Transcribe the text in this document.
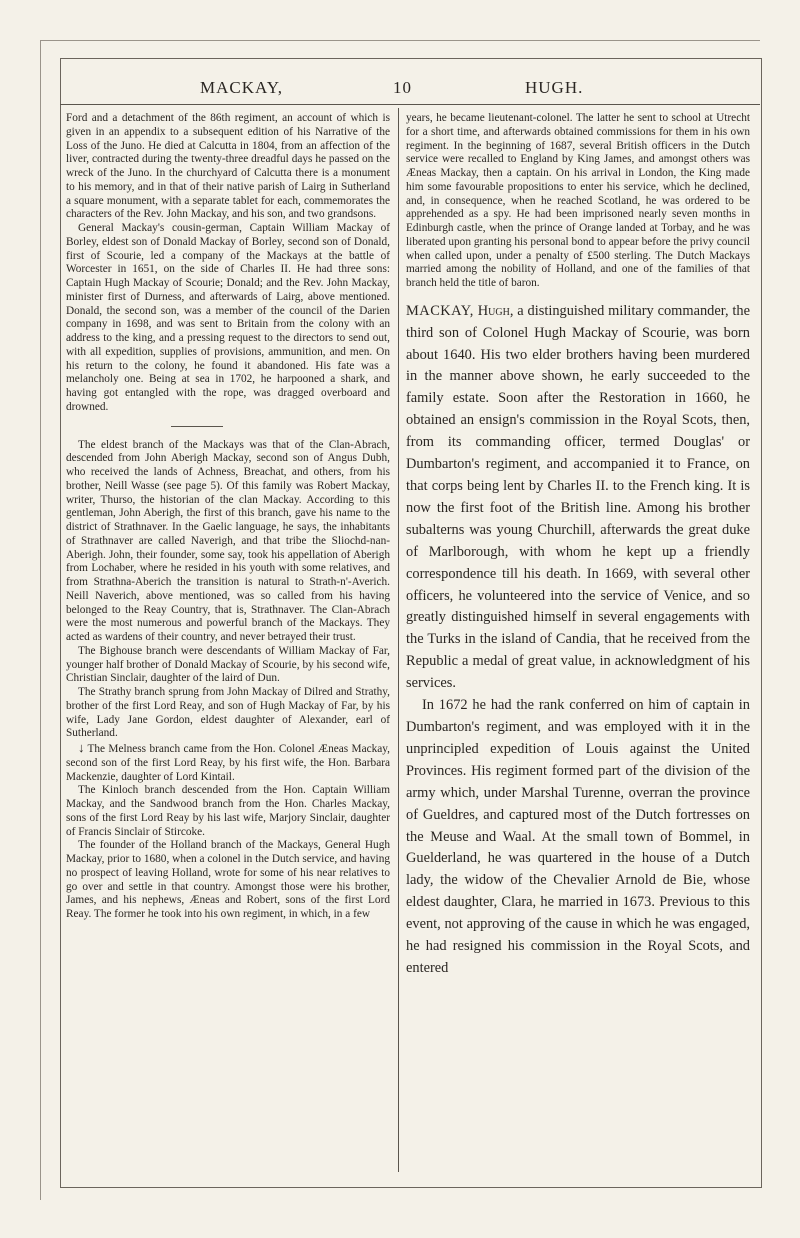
MACKAY,	10	HUGH.

Ford and a detachment of the 86th regiment, an account of which is given in an appendix to a subsequent edition of his Narrative of the Loss of the Juno. He died at Calcutta in 1804, from an affection of the liver, contracted during the twenty-three dreadful days he passed on the wreck of the Juno. In the churchyard of Calcutta there is a monument to his memory, and in that of their native parish of Lairg in Sutherland a square monument, with a separate tablet for each, commemorates the characters of the Rev. John Mackay, and his son, and two grandsons.

General Mackay's cousin-german, Captain William Mackay of Borley, eldest son of Donald Mackay of Borley, second son of Donald, first of Scourie, led a company of the Mackays at the battle of Worcester in 1651, on the side of Charles II. He had three sons: Captain Hugh Mackay of Scourie; Donald; and the Rev. John Mackay, minister first of Durness, and afterwards of Lairg, above mentioned. Donald, the second son, was a member of the council of the Darien company in 1698, and was sent to Britain from the colony with an address to the king, and a pressing request to the directors to send out, with all expedition, supplies of provisions, ammunition, and men. On his return to the colony, he found it abandoned. His fate was a melancholy one. Being at sea in 1702, he harpooned a shark, and having got entangled with the rope, was dragged overboard and drowned.

The eldest branch of the Mackays was that of the Clan-Abrach, descended from John Aberigh Mackay, second son of Angus Dubh, who received the lands of Achness, Breachat, and others, from his brother, Neill Wasse (see page 5). Of this family was Robert Mackay, writer, Thurso, the historian of the clan Mackay. According to this gentleman, John Aberigh, the first of this branch, gave his name to the district of Strathnaver. In the Gaelic language, he says, the inhabitants of Strathnaver are called Naverigh, and that tribe the Sliochd-nan-Aberigh. John, their founder, some say, took his appellation of Aberigh from Lochaber, where he resided in his youth with some relatives, and from Strathna-Aberich the transition is natural to Strath-n'-Averich. Neill Naverich, above mentioned, was so called from his having belonged to the Reay Country, that is, Strathnaver. The Clan-Abrach were the most numerous and powerful branch of the Mackays. They acted as wardens of their country, and never betrayed their trust.

The Bighouse branch were descendants of William Mackay of Far, younger half brother of Donald Mackay of Scourie, by his second wife, Christian Sinclair, daughter of the laird of Dun.

The Strathy branch sprung from John Mackay of Dilred and Strathy, brother of the first Lord Reay, and son of Hugh Mackay of Far, by his wife, Lady Jane Gordon, eldest daughter of Alexander, earl of Sutherland.

↓ The Melness branch came from the Hon. Colonel Æneas Mackay, second son of the first Lord Reay, by his first wife, the Hon. Barbara Mackenzie, daughter of Lord Kintail.

The Kinloch branch descended from the Hon. Captain William Mackay, and the Sandwood branch from the Hon. Charles Mackay, sons of the first Lord Reay by his last wife, Marjory Sinclair, daughter of Francis Sinclair of Stircoke.

The founder of the Holland branch of the Mackays, General Hugh Mackay, prior to 1680, when a colonel in the Dutch service, and having no prospect of leaving Holland, wrote for some of his near relatives to go over and settle in that country. Amongst those were his brother, James, and his nephews, Æneas and Robert, sons of the first Lord Reay. The former he took into his own regiment, in which, in a few

years, he became lieutenant-colonel. The latter he sent to school at Utrecht for a short time, and afterwards obtained commissions for them in his own regiment. In the beginning of 1687, several British officers in the Dutch service were recalled to England by King James, and amongst others was Æneas Mackay, then a captain. On his arrival in London, the King made him some favourable propositions to enter his service, which he declined, and, in consequence, when he reached Scotland, he was ordered to be apprehended as a spy. He had been imprisoned nearly seven months in Edinburgh castle, when the prince of Orange landed at Torbay, and he was liberated upon granting his personal bond to appear before the privy council when called upon, under a penalty of £500 sterling. The Dutch Mackays married among the nobility of Holland, and one of the families of that branch held the title of baron.

MACKAY, Hugh, a distinguished military commander, the third son of Colonel Hugh Mackay of Scourie, was born about 1640. His two elder brothers having been murdered in the manner above shown, he early succeeded to the family estate. Soon after the Restoration in 1660, he obtained an ensign's commission in the Royal Scots, then, from its commanding officer, termed Douglas' or Dumbarton's regiment, and accompanied it to France, on that corps being lent by Charles II. to the French king. It is now the first foot of the British line. Among his brother subalterns was young Churchill, afterwards the great duke of Marlborough, with whom he kept up a friendly correspondence till his death. In 1669, with several other officers, he volunteered into the service of Venice, and so greatly distinguished himself in several engagements with the Turks in the island of Candia, that he received from the Republic a medal of great value, in acknowledgment of his services.

In 1672 he had the rank conferred on him of captain in Dumbarton's regiment, and was employed with it in the unprincipled expedition of Louis against the United Provinces. His regiment formed part of the division of the army which, under Marshal Turenne, overran the province of Gueldres, and captured most of the Dutch fortresses on the Meuse and Waal. At the small town of Bommel, in Guelderland, he was quartered in the house of a Dutch lady, the widow of the Chevalier Arnold de Bie, whose eldest daughter, Clara, he married in 1673. Previous to this event, not approving of the cause in which he was engaged, he had resigned his commission in the Royal Scots, and entered
